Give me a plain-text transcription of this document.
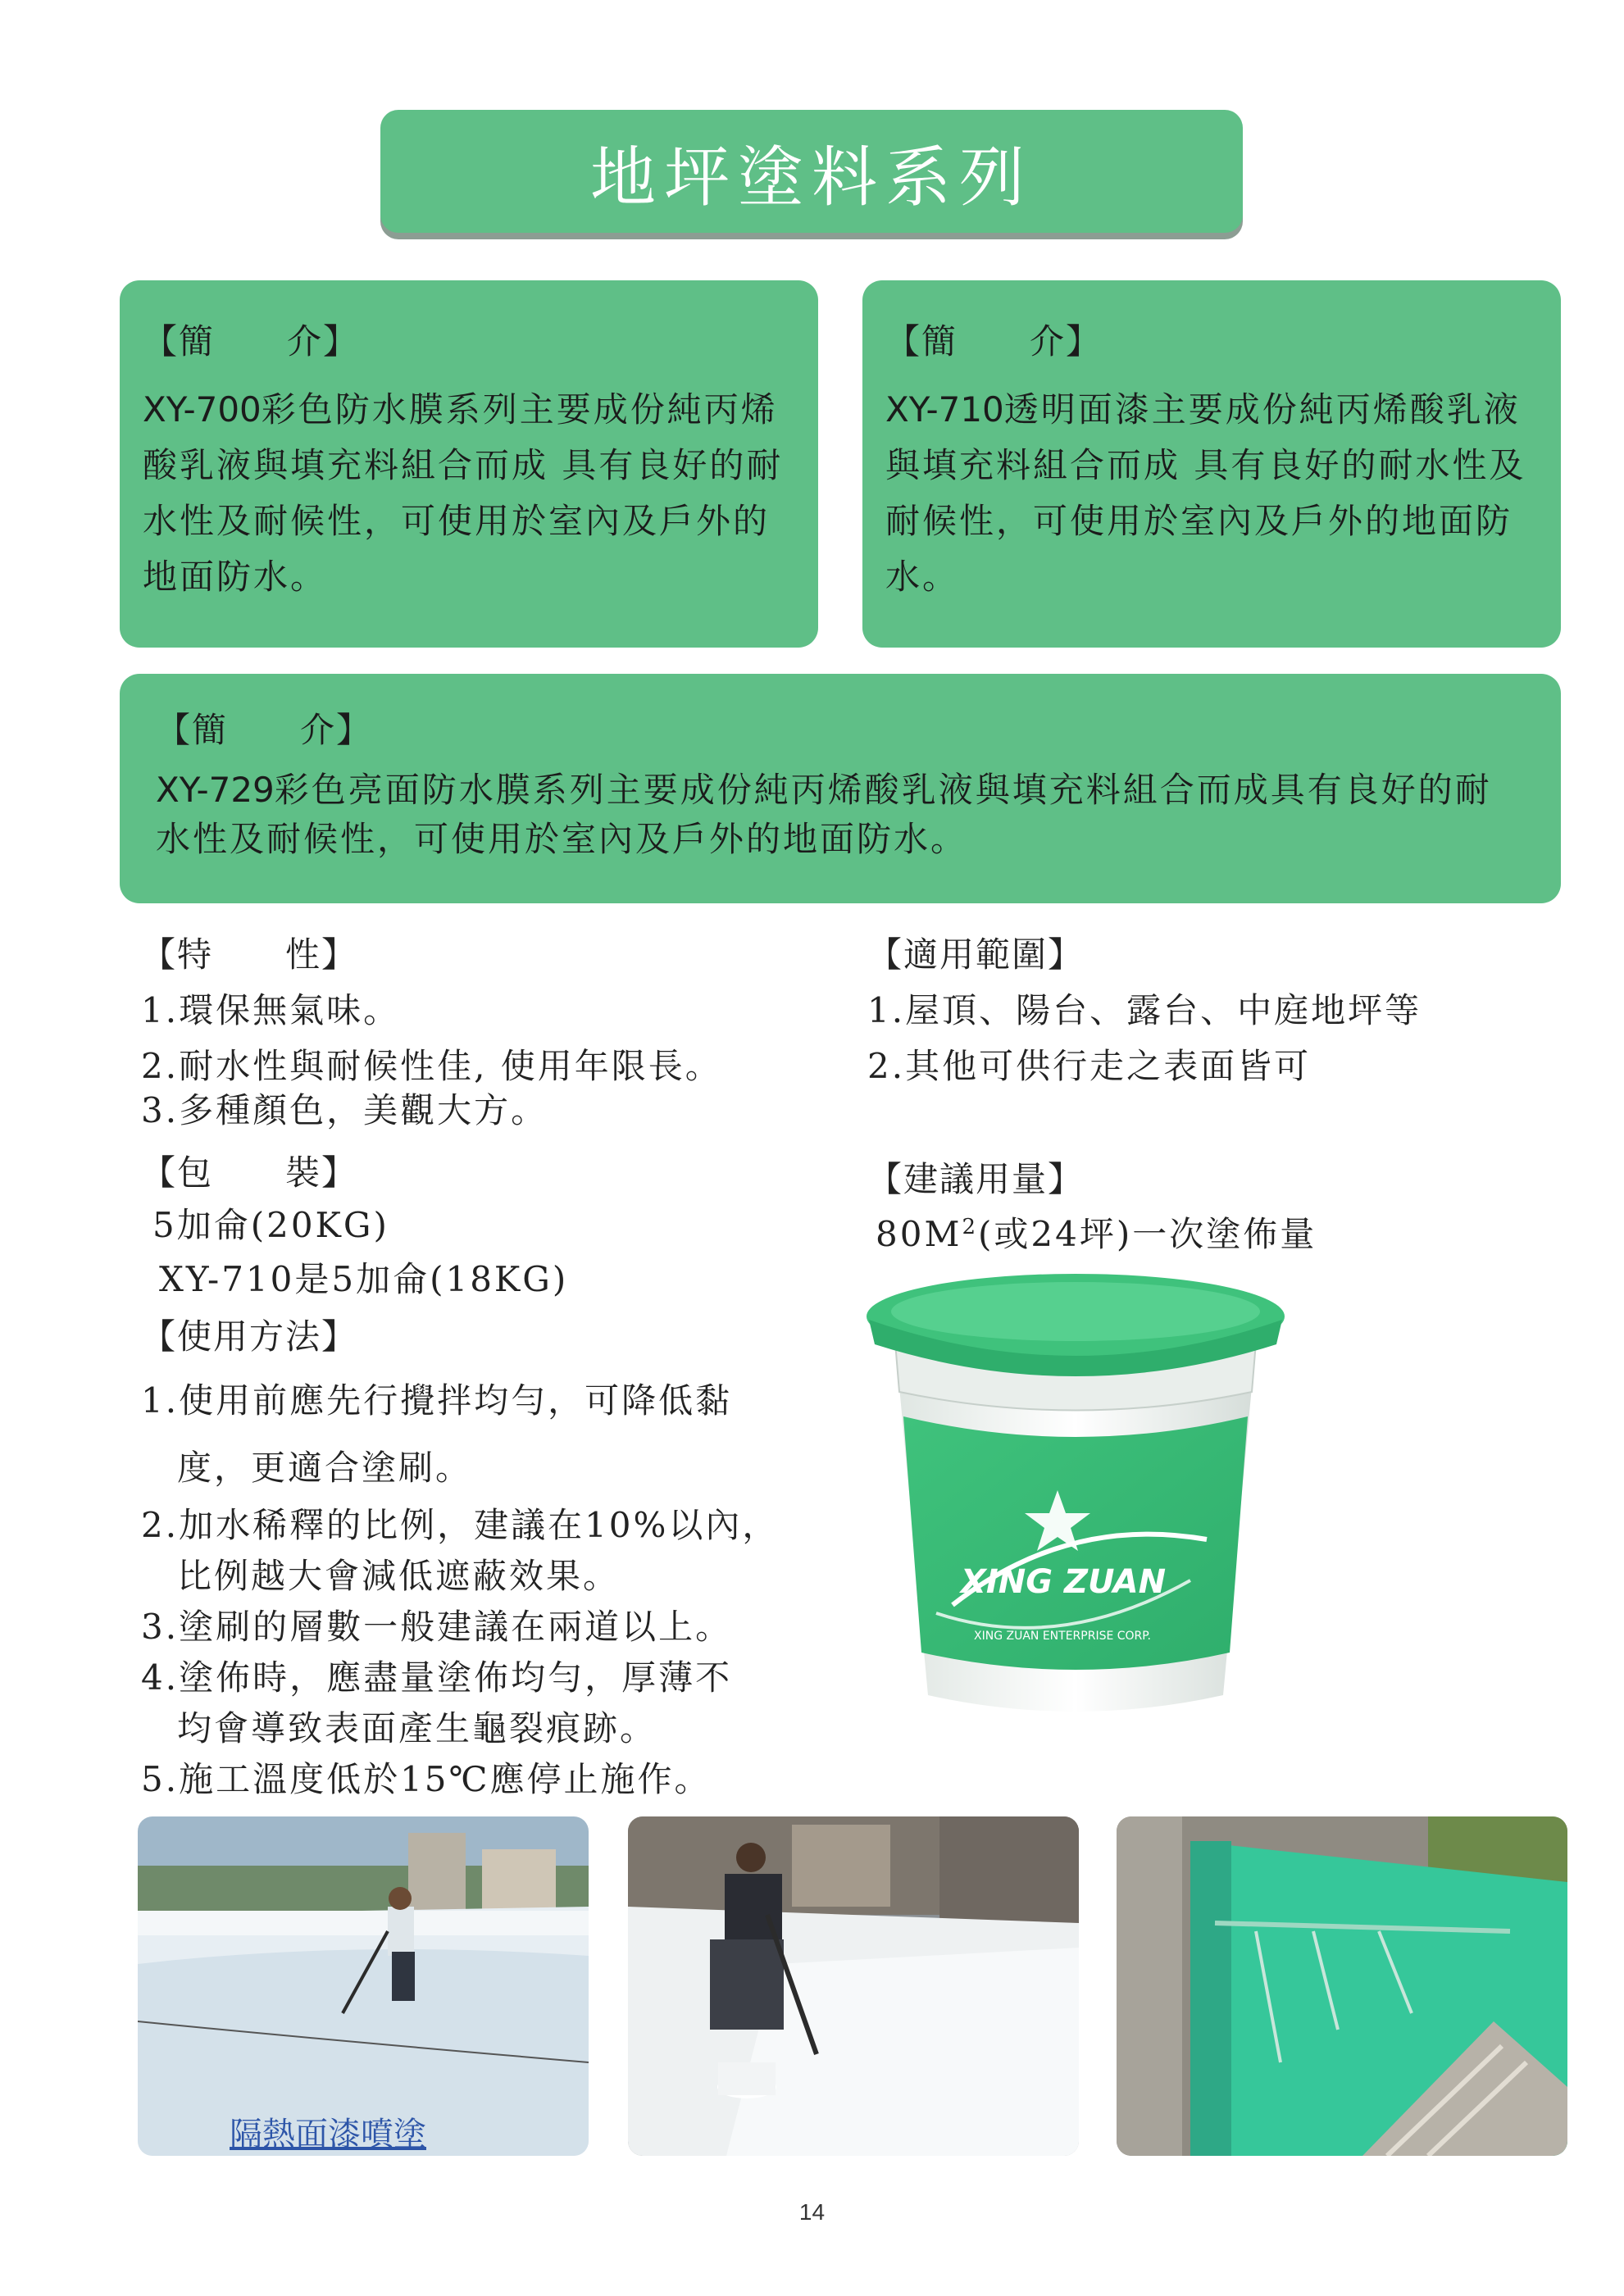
地坪塗料系列
【簡　　介】
XY-700彩色防水膜系列主要成份純丙烯酸乳液與填充料組合而成 具有良好的耐水性及耐候性，可使用於室內及戶外的地面防水。
【簡　　介】
XY-710透明面漆主要成份純丙烯酸乳液與填充料組合而成 具有良好的耐水性及耐候性，可使用於室內及戶外的地面防水。
【簡　　介】
XY-729彩色亮面防水膜系列主要成份純丙烯酸乳液與填充料組合而成具有良好的耐水性及耐候性，可使用於室內及戶外的地面防水。
【特　　性】
1.環保無氣味。
2.耐水性與耐候性佳, 使用年限長。
3.多種顏色，美觀大方。
【包　　裝】
5加侖(20KG)
XY-710是5加侖(18KG)
【使用方法】
1.使用前應先行攪拌均勻，可降低黏
度，更適合塗刷。
2.加水稀釋的比例，建議在10%以內，
比例越大會減低遮蔽效果。
3.塗刷的層數一般建議在兩道以上。
4.塗佈時，應盡量塗佈均勻，厚薄不
均會導致表面產生龜裂痕跡。
5.施工溫度低於15℃應停止施作。
【適用範圍】
1.屋頂、陽台、露台、中庭地坪等
2.其他可供行走之表面皆可
【建議用量】
$80M^2$(或24坪)一次塗佈量
XING ZUAN
XING ZUAN ENTERPRISE CORP.
隔熱面漆噴塗
14
